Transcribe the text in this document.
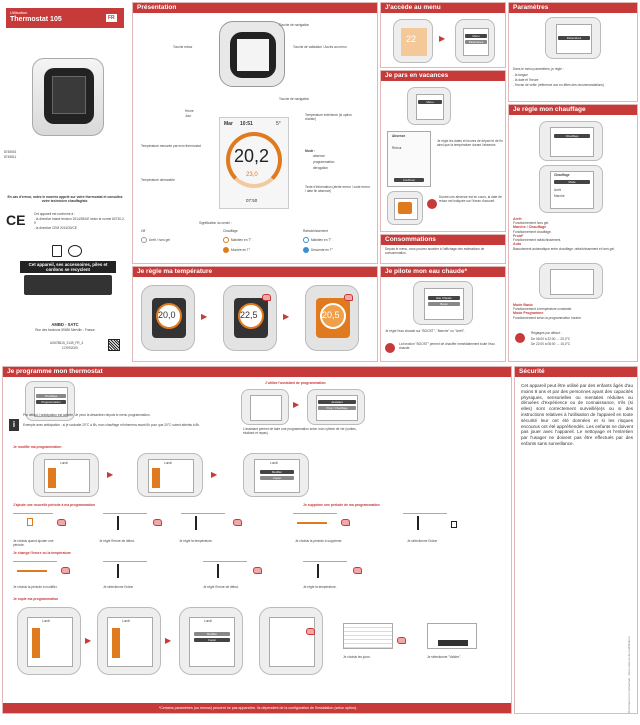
Utilisation
Thermostat 105	FR
8745501
8745511
En cas d'erreur, notez le numéro appelé sur votre thermostat et consultez votre technicien chauffagiste.
CE	Cet appareil est conforme à :
- la directive basse tension 2014/35/UE selon la norme 60730-2-9
- la directive CEM 2014/30/CE
Cet appareil, ses accessoires, piles et cordons se recyclent
AMBD - SATC
Rue des fondeurs 59650 Merville - France
U0678615_2149_FR_4
17/09/2020
Présentation
Touche de navigation
Touche retour	Touche de validation / Accès au menu
Touche de navigation
Mar 10:51	5°
20,2
23,0
07:50
Heure
Jour	Température extérieure (si option choisie)
Température mesurée par mon thermostat
Température demandée
Mode :
absence
programmation
dérogation
Texte d'information (alerte erreur / code erreur / date fin absence)
Signification du cercle :
Off
Arrêt / hors gel
Chauffage
Maintien en T°
Montée en T°
Rafraîchissement
Maintien en T°
Descente en T°
Je règle ma température
20,0	▶	22,5	▶	20,5
J'accède au menu
22	▶	Menu
Paramètres
Paramètres
Paramètres
Dans le menu paramètres, je règle :
- la langue
- la date et l'heure
- l'écran de veille (référence aux en-têtes des recommandations)
Je pars en vacances
Menu
Absence
Retour
Confirmer
Je règle les dates et heures de départ et de fin ainsi que la température durant l'absence.
Durant une absence est en cours, la date de retour est indiquée sur l'écran d'accueil.
Consommations
Depuis le menu, vous pouvez accéder à l'affichage des estimations de consommation.
Je pilote mon eau chaude*
Eau Chaude
Boost
Je règle l'eau chaude sur "BOOST", "Marche" ou "Arrêt".
La fonction "BOOST" permet de chauffer immédiatement toute l'eau chaude.
Je règle mon chauffage
Chauffage
Chauffage
Mode
Arrêt
Marche
Arrêt
Fonctionnement hors gel.
Marche / Chauffage
Fonctionnement chauffage.
Froid*
Fonctionnement rafraîchissement.
Auto
Basculement automatique entre chauffage, rafraîchissement et hors gel.
Mode Basic
Fonctionnement à température constante.
Mode Programme
Fonctionnement selon la programmation horaire.
Réglages par défaut :
De 06:00 à 22:00 → 20,0°C
De 22:00 à 06:00 → 16,0°C
Je programme mon thermostat
Chauffage
Programmation
Par défaut, l'anticipation est activée. Je peux la désactiver depuis le menu programmation.
i	Exemple avec anticipation : si je souhaite 20°C à 8h, mon chauffage m'informera avant 6h pour que 20°C soient atteints à 8h.
J'utilise l'assistant de programmation
▶	Assistant
Prog / Chauffage
L'assistant permet de faire une programmation selon mon rythme de vie (sorties, étudiant et repas).
Je modifie ma programmation
Lundi
▶
Lundi
▶
Lundi
Modifier
Copier
J'ajoute une nouvelle période à ma programmation
Je choisis quand ajouter une période.
Je règle l'heure de début.	Je règle la température.
Je supprime une période de ma programmation
Je choisis la période à supprimer.	Je sélectionne l'icône
Je change l'heure ou la température
Je choisis la période à modifier.	Je sélectionne l'icône	Je règle l'heure de début.	Je règle la température.
Je copie ma programmation
Lundi
▶
Lundi
▶
Lundi
Modifier
Copier
Je choisis les jours.	Je sélectionne "Valider".
*Certains paramètres (ou menus) peuvent ne pas apparaître. Ils dépendent de la configuration de l'installation (selon option).
Sécurité
Cet appareil peut être utilisé par des enfants âgés d'au moins 8 ans et par des personnes ayant des capacités physiques, sensorielles ou mentales réduites ou dénuées d'expérience ou de connaissance, s'ils (si elles) sont correctement surveillé(e)s ou si des instructions relatives à l'utilisation de l'appareil en toute sécurité leur ont été données et si les risques encourus ont été appréhendés. Les enfants ne doivent pas jouer avec l'appareil. Le nettoyage et l'entretien par l'usager ne doivent pas être effectués par des enfants sans surveillance.
Document non contractuel - Sous réserve de modification
